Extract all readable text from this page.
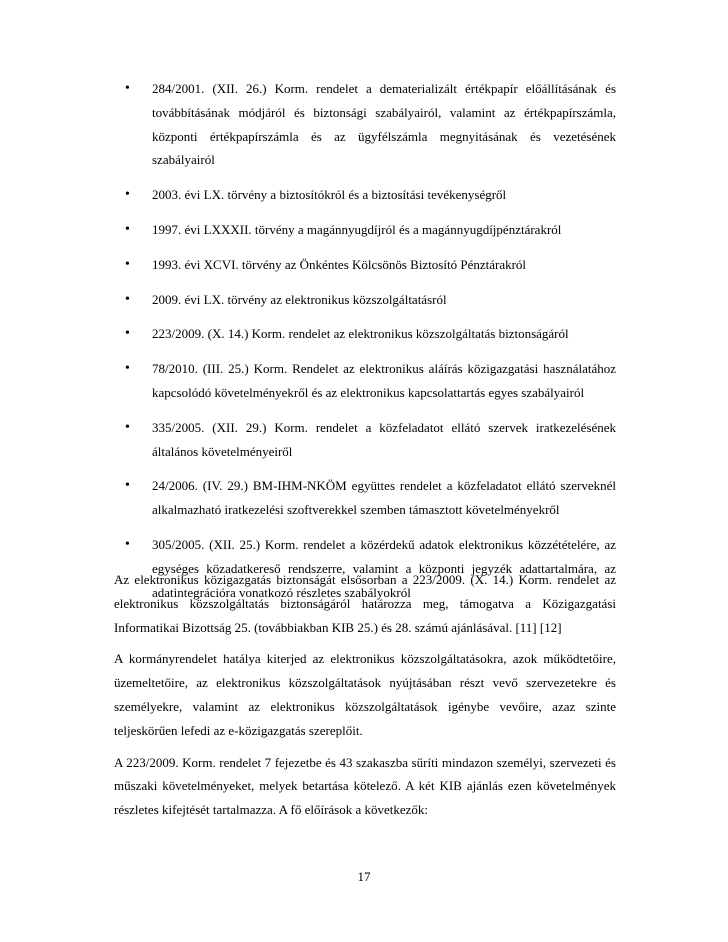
• 284/2001. (XII. 26.) Korm. rendelet a dematerializált értékpapír előállításának és továbbításának módjáról és biztonsági szabályairól, valamint az értékpapírszámla, központi értékpapírszámla és az ügyfélszámla megnyitásának és vezetésének szabályairól
• 2003. évi LX. törvény a biztosítókról és a biztosítási tevékenységről
• 1997. évi LXXXII. törvény a magánnyugdíjról és a magánnyugdíjpénztárakról
• 1993. évi XCVI. törvény az Önkéntes Kölcsönös Biztosító Pénztárakról
• 2009. évi LX. törvény az elektronikus közszolgáltatásról
• 223/2009. (X. 14.) Korm. rendelet az elektronikus közszolgáltatás biztonságáról
• 78/2010. (III. 25.) Korm. Rendelet az elektronikus aláírás közigazgatási használatához kapcsolódó követelményekről és az elektronikus kapcsolattartás egyes szabályairól
• 335/2005. (XII. 29.) Korm. rendelet a közfeladatot ellátó szervek iratkezelésének általános követelményeiről
• 24/2006. (IV. 29.) BM-IHM-NKÖM együttes rendelet a közfeladatot ellátó szerveknél alkalmazható iratkezelési szoftverekkel szemben támasztott követelményekről
• 305/2005. (XII. 25.) Korm. rendelet a közérdekű adatok elektronikus közzétételére, az egységes közadatkereső rendszerre, valamint a központi jegyzék adattartalmára, az adatintegrációra vonatkozó részletes szabályokról

Az elektronikus közigazgatás biztonságát elsősorban a 223/2009. (X. 14.) Korm. rendelet az elektronikus közszolgáltatás biztonságáról határozza meg, támogatva a Közigazgatási Informatikai Bizottság 25. (továbbiakban KIB 25.) és 28. számú ajánlásával. [11] [12]

A kormányrendelet hatálya kiterjed az elektronikus közszolgáltatásokra, azok működtetőire, üzemeltetőire, az elektronikus közszolgáltatások nyújtásában részt vevő szervezetekre és személyekre, valamint az elektronikus közszolgáltatások igénybe vevőire, azaz szinte teljeskörűen lefedi az e-közigazgatás szereplőit.

A 223/2009. Korm. rendelet 7 fejezetbe és 43 szakaszba sűríti mindazon személyi, szervezeti és műszaki követelményeket, melyek betartása kötelező. A két KIB ajánlás ezen követelmények részletes kifejtését tartalmazza. A fő előírások a következők:

17
